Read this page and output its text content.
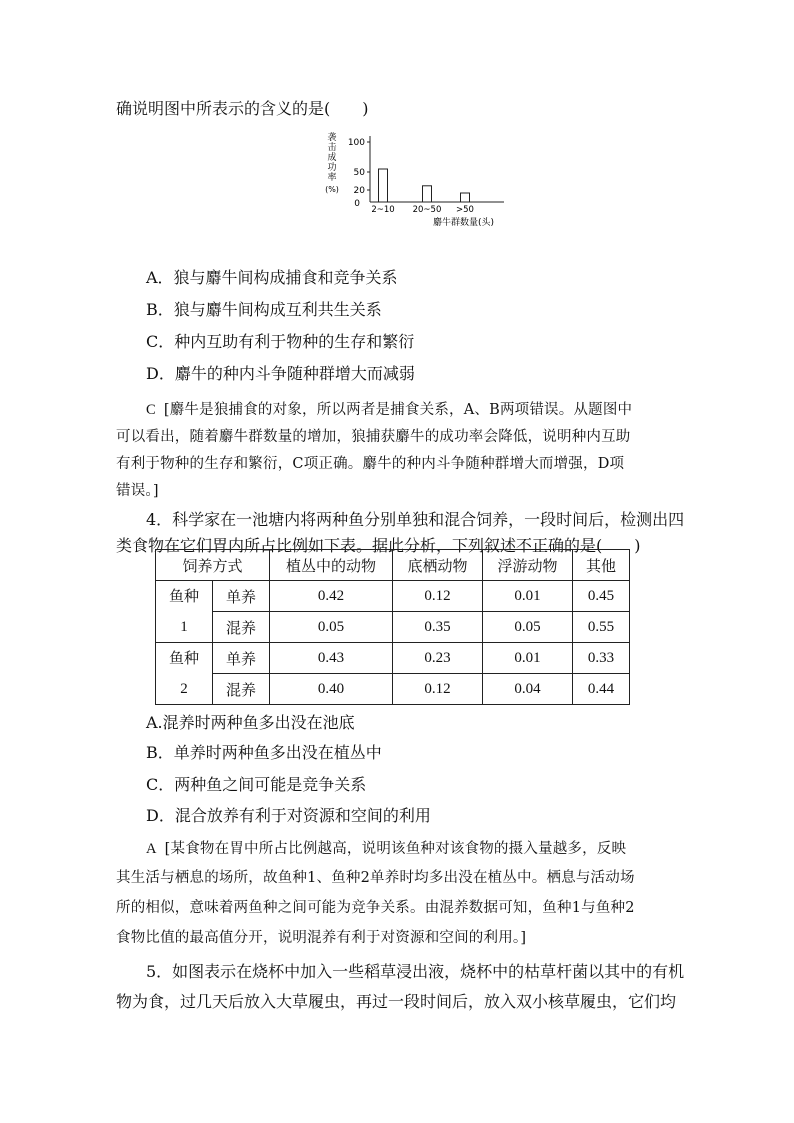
确说明图中所表示的含义的是(　　)
袭
击
成
功
率
(%)
100
50
20
0
2~10 20~50 >50
麝牛群数量(头)
A．狼与麝牛间构成捕食和竞争关系
B．狼与麝牛间构成互利共生关系
C．种内互助有利于物种的生存和繁衍
D．麝牛的种内斗争随种群增大而减弱
C [麝牛是狼捕食的对象，所以两者是捕食关系，A、B两项错误。从题图中
可以看出，随着麝牛群数量的增加，狼捕获麝牛的成功率会降低，说明种内互助
有利于物种的生存和繁衍，C项正确。麝牛的种内斗争随种群增大而增强，D项
错误。]
4．科学家在一池塘内将两种鱼分别单独和混合饲养，一段时间后，检测出四
类食物在它们胃内所占比例如下表。据此分析，下列叙述不正确的是(　　)
饲养方式		植丛中的动物	底栖动物	浮游动物	其他
鱼种
1	单养	0.42	0.12	0.01	0.45
	混养	0.05	0.35	0.05	0.55
鱼种
2	单养	0.43	0.23	0.01	0.33
	混养	0.40	0.12	0.04	0.44
A.混养时两种鱼多出没在池底
B．单养时两种鱼多出没在植丛中
C．两种鱼之间可能是竞争关系
D．混合放养有利于对资源和空间的利用
A [某食物在胃中所占比例越高，说明该鱼种对该食物的摄入量越多，反映
其生活与栖息的场所，故鱼种1、鱼种2单养时均多出没在植丛中。栖息与活动场
所的相似，意味着两鱼种之间可能为竞争关系。由混养数据可知，鱼种1与鱼种2
食物比值的最高值分开，说明混养有利于对资源和空间的利用。]
5．如图表示在烧杯中加入一些稻草浸出液，烧杯中的枯草杆菌以其中的有机
物为食，过几天后放入大草履虫，再过一段时间后，放入双小核草履虫，它们均
